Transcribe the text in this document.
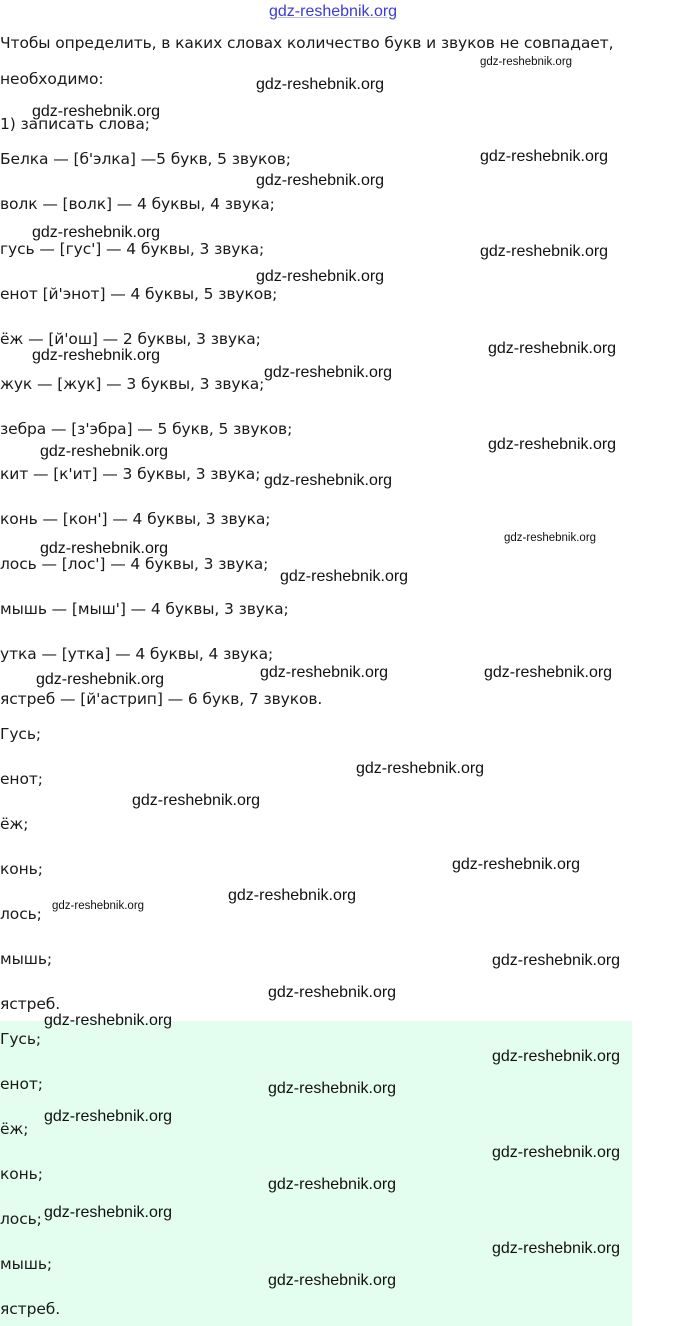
Чтобы определить, в каких словах количество букв и звуков не совпадает,
необходимо:
1) записать слова;
Белка — [б'элка] —5 букв, 5 звуков;
волк — [волк] — 4 буквы, 4 звука;
гусь — [гус'] — 4 буквы, 3 звука;
енот [й'энот] — 4 буквы, 5 звуков;
ёж — [й'ош] — 2 буквы, 3 звука;
жук — [жук] — 3 буквы, 3 звука;
зебра — [з'эбра] — 5 букв, 5 звуков;
кит — [к'ит] — 3 буквы, 3 звука;
конь — [кон'] — 4 буквы, 3 звука;
лось — [лос'] — 4 буквы, 3 звука;
мышь — [мыш'] — 4 буквы, 3 звука;
утка — [утка] — 4 буквы, 4 звука;
ястреб — [й'астрип] — 6 букв, 7 звуков.
Гусь;
енот;
ёж;
конь;
лось;
мышь;
ястреб.
Гусь;
енот;
ёж;
конь;
лось;
мышь;
ястреб.
gdz-reshebnik.org
gdz-reshebnik.org
gdz-reshebnik.org
gdz-reshebnik.org
gdz-reshebnik.org
gdz-reshebnik.org
gdz-reshebnik.org
gdz-reshebnik.org
gdz-reshebnik.org
gdz-reshebnik.org
gdz-reshebnik.org
gdz-reshebnik.org
gdz-reshebnik.org
gdz-reshebnik.org
gdz-reshebnik.org
gdz-reshebnik.org
gdz-reshebnik.org
gdz-reshebnik.org
gdz-reshebnik.org	gdz-reshebnik.org
gdz-reshebnik.org
gdz-reshebnik.org
gdz-reshebnik.org
gdz-reshebnik.org
gdz-reshebnik.org
gdz-reshebnik.org
gdz-reshebnik.org
gdz-reshebnik.org
gdz-reshebnik.org
gdz-reshebnik.org
gdz-reshebnik.org
gdz-reshebnik.org
gdz-reshebnik.org
gdz-reshebnik.org
gdz-reshebnik.org
gdz-reshebnik.org
gdz-reshebnik.org
